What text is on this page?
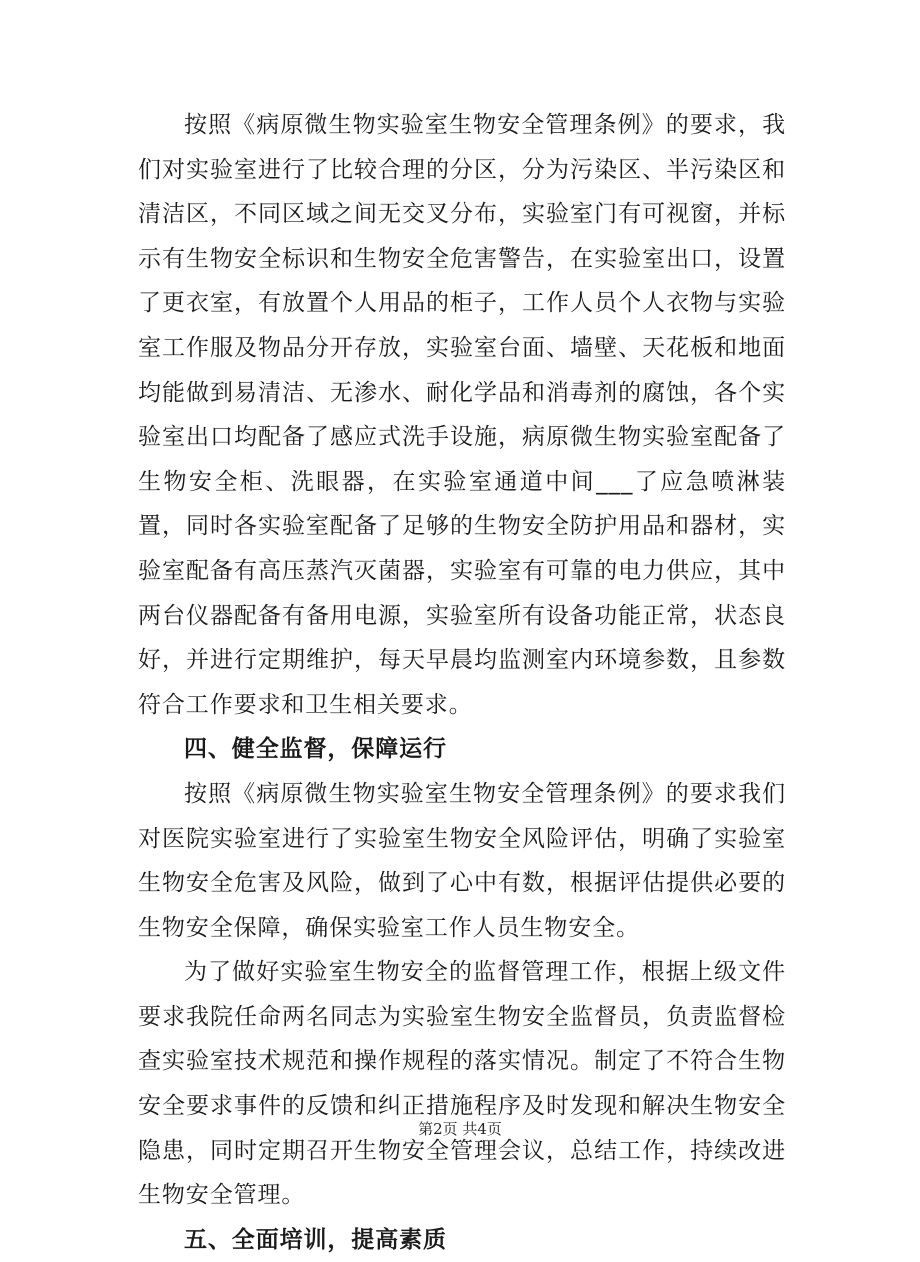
按照《病原微生物实验室生物安全管理条例》的要求，我们对实验室进行了比较合理的分区，分为污染区、半污染区和清洁区，不同区域之间无交叉分布，实验室门有可视窗，并标示有生物安全标识和生物安全危害警告，在实验室出口，设置了更衣室，有放置个人用品的柜子，工作人员个人衣物与实验室工作服及物品分开存放，实验室台面、墙壁、天花板和地面均能做到易清洁、无渗水、耐化学品和消毒剂的腐蚀，各个实验室出口均配备了感应式洗手设施，病原微生物实验室配备了生物安全柜、洗眼器，在实验室通道中间___了应急喷淋装置，同时各实验室配备了足够的生物安全防护用品和器材，实验室配备有高压蒸汽灭菌器，实验室有可靠的电力供应，其中两台仪器配备有备用电源，实验室所有设备功能正常，状态良好，并进行定期维护，每天早晨均监测室内环境参数，且参数符合工作要求和卫生相关要求。

四、健全监督，保障运行

按照《病原微生物实验室生物安全管理条例》的要求我们对医院实验室进行了实验室生物安全风险评估，明确了实验室生物安全危害及风险，做到了心中有数，根据评估提供必要的生物安全保障，确保实验室工作人员生物安全。

为了做好实验室生物安全的监督管理工作，根据上级文件要求我院任命两名同志为实验室生物安全监督员，负责监督检查实验室技术规范和操作规程的落实情况。制定了不符合生物安全要求事件的反馈和纠正措施程序及时发现和解决生物安全隐患，同时定期召开生物安全管理会议，总结工作，持续改进生物安全管理。

五、全面培训，提高素质

第2页 共4页
